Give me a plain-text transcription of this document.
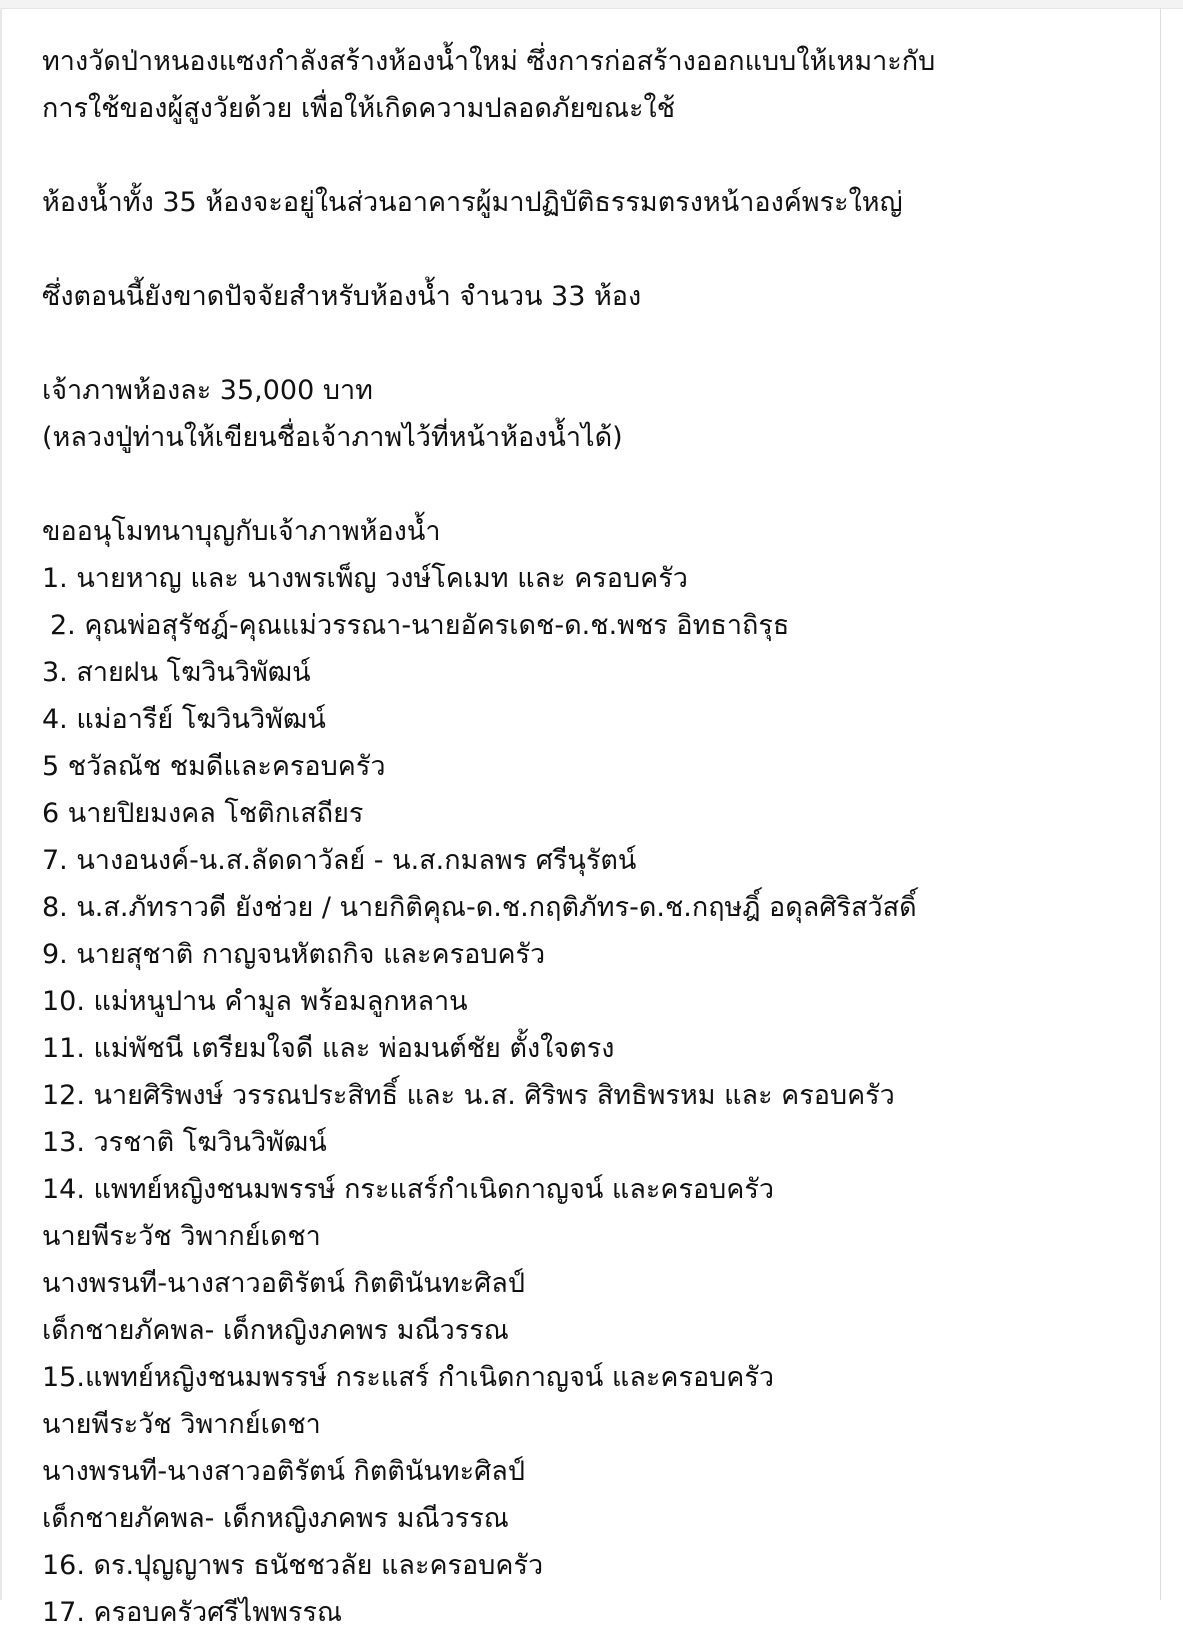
ทางวัดป่าหนองแซงกำลังสร้างห้องน้ำใหม่ ซึ่งการก่อสร้างออกแบบให้เหมาะกับ
การใช้ของผู้สูงวัยด้วย เพื่อให้เกิดความปลอดภัยขณะใช้
ห้องน้ำทั้ง 35 ห้องจะอยู่ในส่วนอาคารผู้มาปฏิบัติธรรมตรงหน้าองค์พระใหญ่
ซึ่งตอนนี้ยังขาดปัจจัยสำหรับห้องน้ำ จำนวน 33 ห้อง
เจ้าภาพห้องละ 35,000 บาท
(หลวงปู่ท่านให้เขียนชื่อเจ้าภาพไว้ที่หน้าห้องน้ำได้)
ขออนุโมทนาบุญกับเจ้าภาพห้องน้ำ
1. นายหาญ และ นางพรเพ็ญ วงษ์โคเมท และ ครอบครัว
2. คุณพ่อสุรัชฎ์-คุณแม่วรรณา-นายอัครเดช-ด.ช.พชร อิทธาถิรุธ
3. สายฝน โฆวินวิพัฒน์
4. แม่อารีย์ โฆวินวิพัฒน์
5 ชวัลณัช ชมดีและครอบครัว
6 นายปิยมงคล โชติกเสถียร
7. นางอนงค์-น.ส.ลัดดาวัลย์ - น.ส.กมลพร ศรีนุรัตน์
8. น.ส.ภัทราวดี ยังช่วย / นายกิติคุณ-ด.ช.กฤติภัทร-ด.ช.กฤษฎิ์ อดุลศิริสวัสดิ์
9. นายสุชาติ กาญจนหัตถกิจ และครอบครัว
10. แม่หนูปาน คำมูล พร้อมลูกหลาน
11. แม่พัชนี เตรียมใจดี และ พ่อมนต์ชัย ตั้งใจตรง
12. นายศิริพงษ์ วรรณประสิทธิ์ และ น.ส. ศิริพร สิทธิพรหม และ ครอบครัว
13. วรชาติ โฆวินวิพัฒน์
14. แพทย์หญิงชนมพรรษ์ กระแสร์กำเนิดกาญจน์ และครอบครัว
นายพีระวัช วิพากย์เดชา
นางพรนที-นางสาวอติรัตน์ กิตตินันทะศิลป์
เด็กชายภัคพล- เด็กหญิงภคพร มณีวรรณ
15.แพทย์หญิงชนมพรรษ์ กระแสร์ กำเนิดกาญจน์ และครอบครัว
นายพีระวัช วิพากย์เดชา
นางพรนที-นางสาวอติรัตน์ กิตตินันทะศิลป์
เด็กชายภัคพล- เด็กหญิงภคพร มณีวรรณ
16. ดร.ปุญญาพร ธนัชชวลัย และครอบครัว
17. ครอบครัวศรีไพพรรณ
